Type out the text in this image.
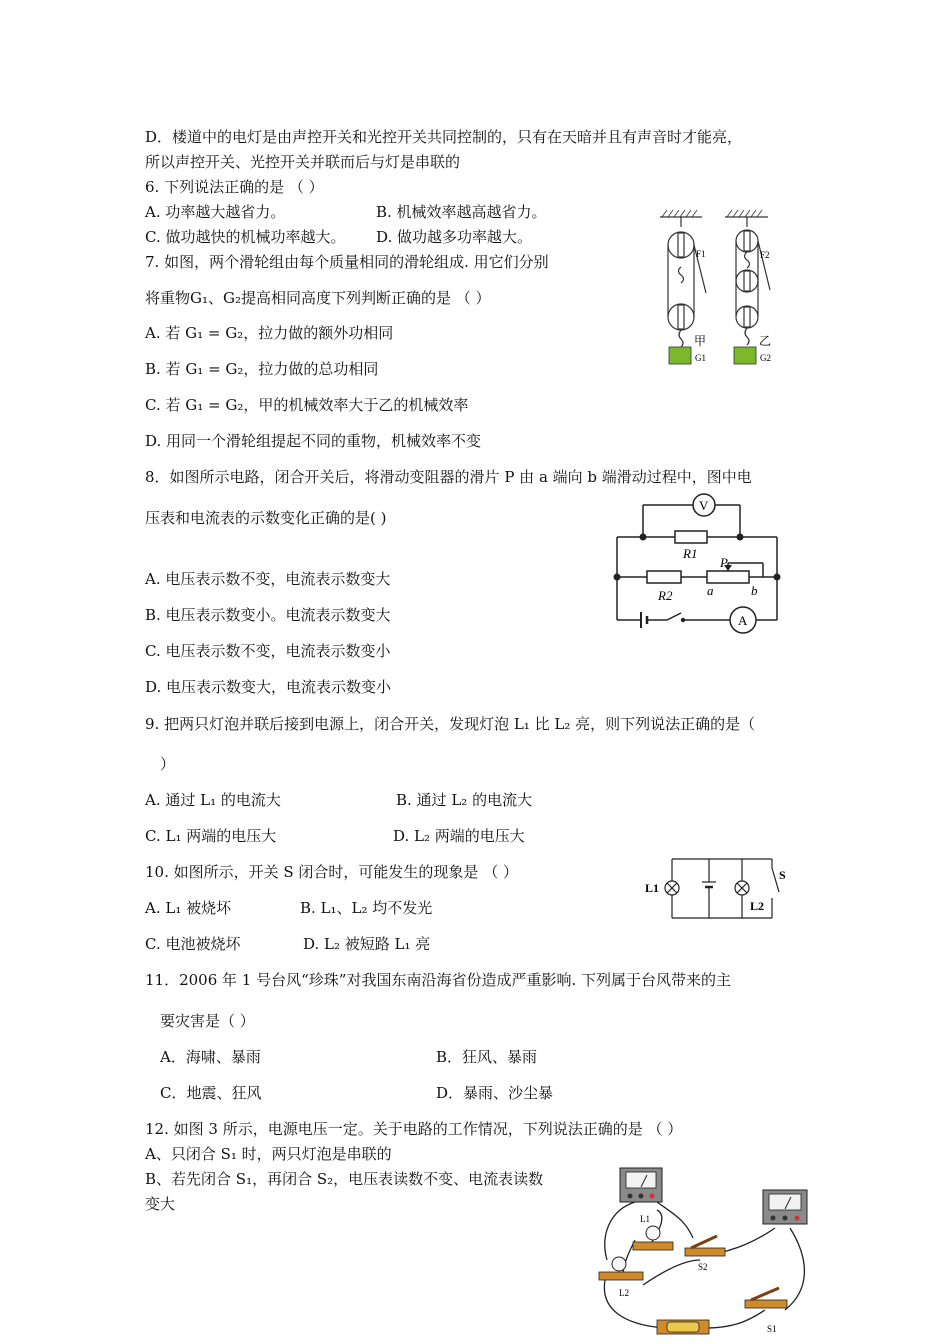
D．楼道中的电灯是由声控开关和光控开关共同控制的，只有在天暗并且有声音时才能亮，
所以声控开关、光控开关并联而后与灯是串联的
6. 下列说法正确的是 （ ）
A. 功率越大越省力。	B. 机械效率越高越省力。
C. 做功越快的机械功率越大。 D. 做功越多功率越大。
7. 如图，两个滑轮组由每个质量相同的滑轮组成. 用它们分别
将重物G₁、G₂提高相同高度下列判断正确的是 （ ）
A. 若 G₁ = G₂，拉力做的额外功相同
B. 若 G₁ = G₂，拉力做的总功相同
C. 若 G₁ = G₂，甲的机械效率大于乙的机械效率
D. 用同一个滑轮组提起不同的重物，机械效率不变
8．如图所示电路，闭合开关后，将滑动变阻器的滑片 P 由 a 端向 b 端滑动过程中，图中电
压表和电流表的示数变化正确的是( )
A. 电压表示数不变，电流表示数变大
B. 电压表示数变小。电流表示数变大
C. 电压表示数不变，电流表示数变小
D. 电压表示数变大，电流表示数变小
9. 把两只灯泡并联后接到电源上，闭合开关，发现灯泡 L₁ 比 L₂ 亮，则下列说法正确的是（
）
A. 通过 L₁ 的电流大	B. 通过 L₂ 的电流大
C. L₁ 两端的电压大	D. L₂ 两端的电压大
10. 如图所示，开关 S 闭合时，可能发生的现象是 （ ）
A. L₁ 被烧坏	B. L₁、L₂ 均不发光
C. 电池被烧坏	D. L₂ 被短路 L₁ 亮
11．2006 年 1 号台风“珍珠”对我国东南沿海省份造成严重影响. 下列属于台风带来的主
要灾害是（ ）
A．海啸、暴雨	B．狂风、暴雨
C．地震、狂风	D．暴雨、沙尘暴
12. 如图 3 所示，电源电压一定。关于电路的工作情况，下列说法正确的是 （ ）
A、只闭合 S₁ 时，两只灯泡是串联的
B、若先闭合 S₁，再闭合 S₂，电压表读数不变、电流表读数
变大
F1	F2
甲	乙
G1	G2
V
A
R1
R2
P
a	b
L1
L2
S
L1
L2
S2
S1
